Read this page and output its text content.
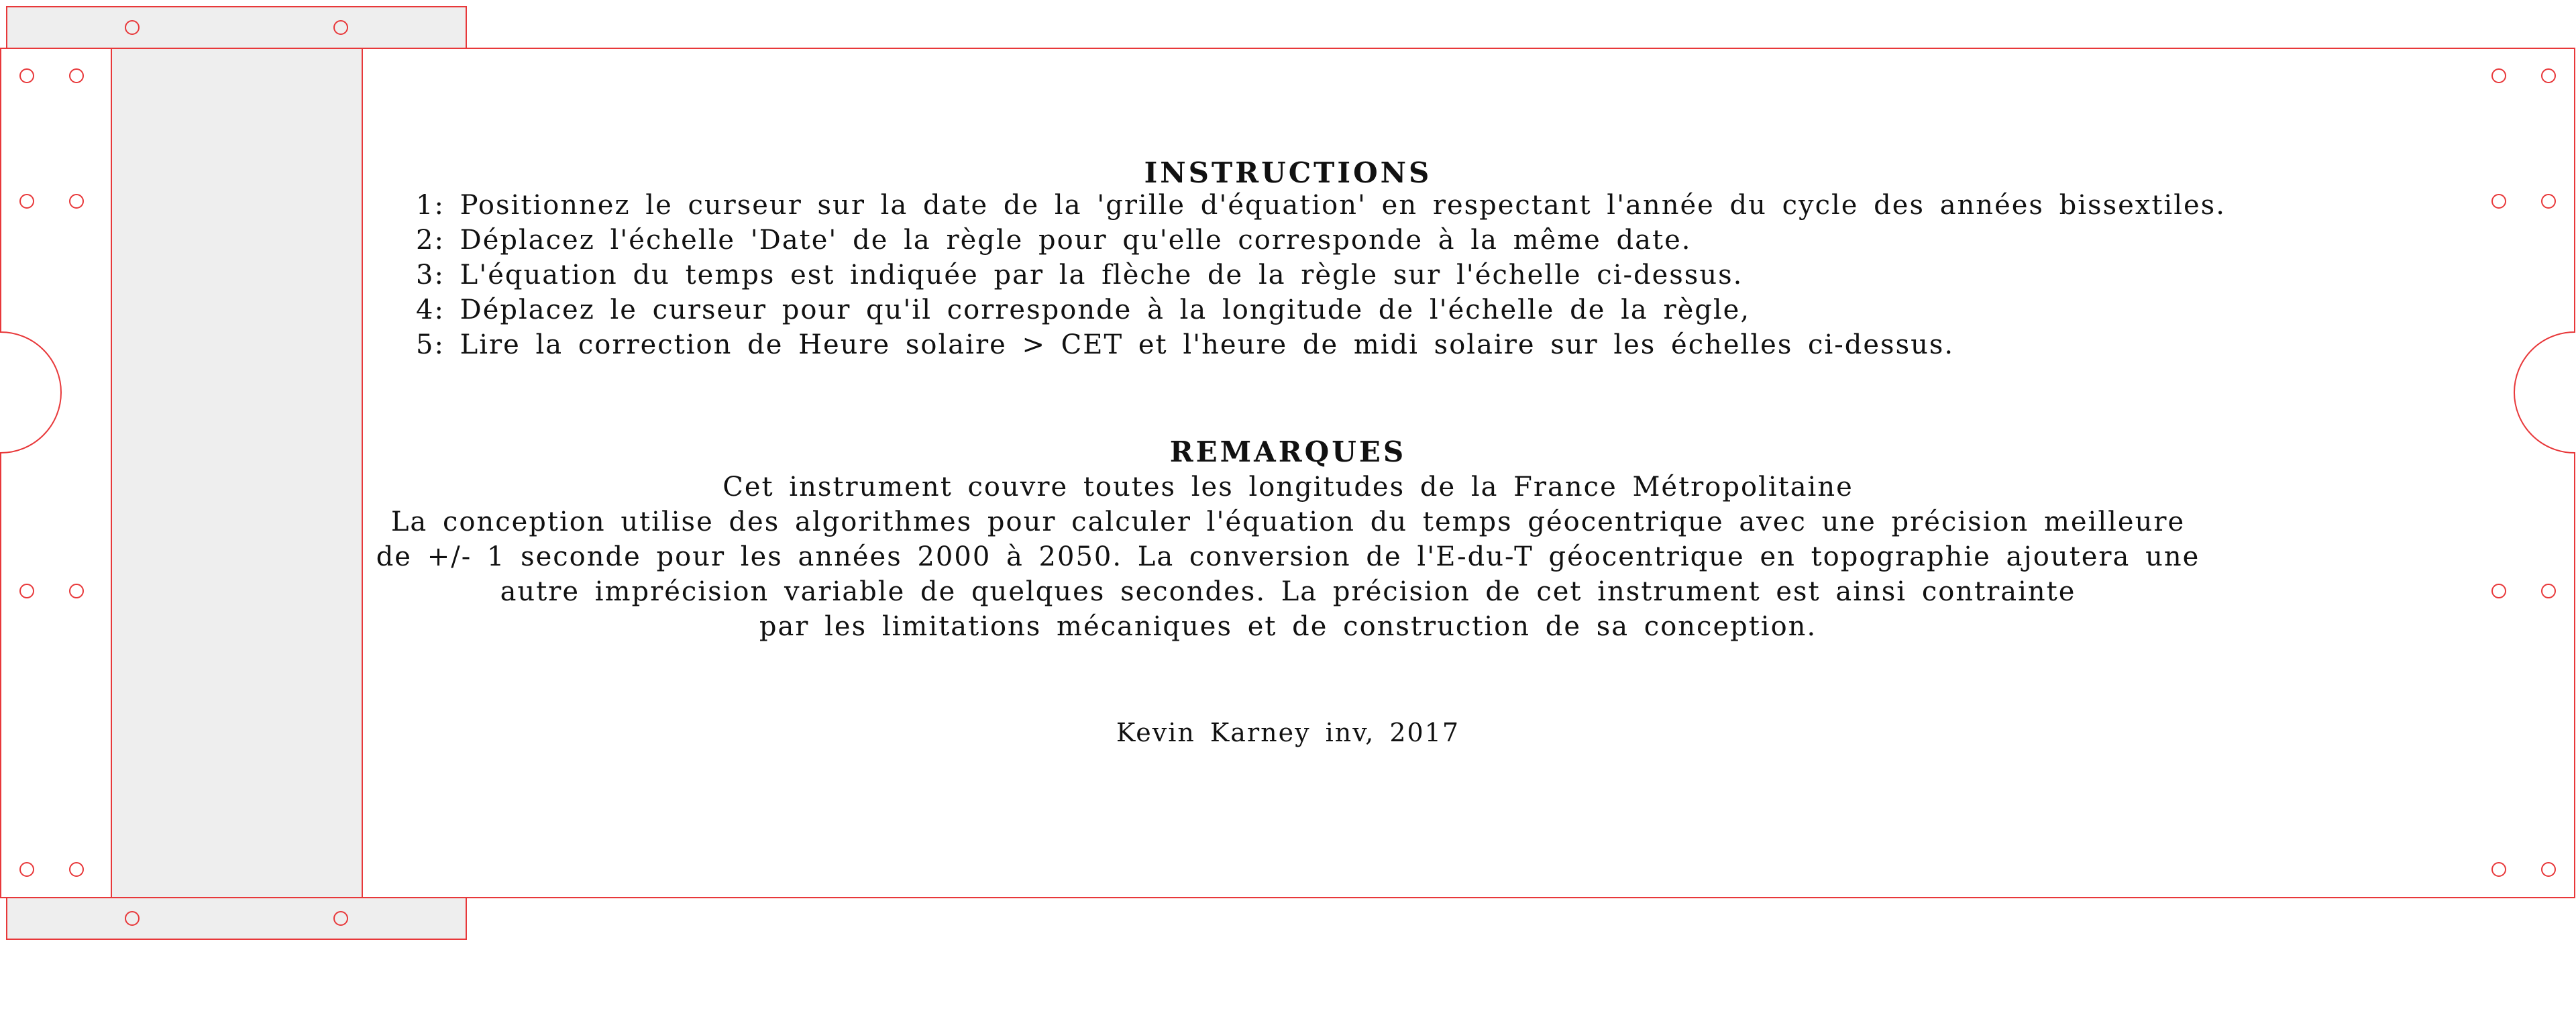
INSTRUCTIONS
1: Positionnez le curseur sur la date de la 'grille d'équation' en respectant l'année du cycle des années bissextiles.
2: Déplacez l'échelle 'Date' de la règle pour qu'elle corresponde à la même date.
3: L'équation du temps est indiquée par la flèche de la règle sur l'échelle ci-dessus.
4: Déplacez le curseur pour qu'il corresponde à la longitude de l'échelle de la règle,
5: Lire la correction de Heure solaire > CET et l'heure de midi solaire sur les échelles ci-dessus.
REMARQUES
Cet instrument couvre toutes les longitudes de la France Métropolitaine
La conception utilise des algorithmes pour calculer l'équation du temps géocentrique avec une précision meilleure
de +/- 1 seconde pour les années 2000 à 2050. La conversion de l'E-du-T géocentrique en topographie ajoutera une
autre imprécision variable de quelques secondes. La précision de cet instrument est ainsi contrainte
par les limitations mécaniques et de construction de sa conception.
Kevin Karney inv, 2017
